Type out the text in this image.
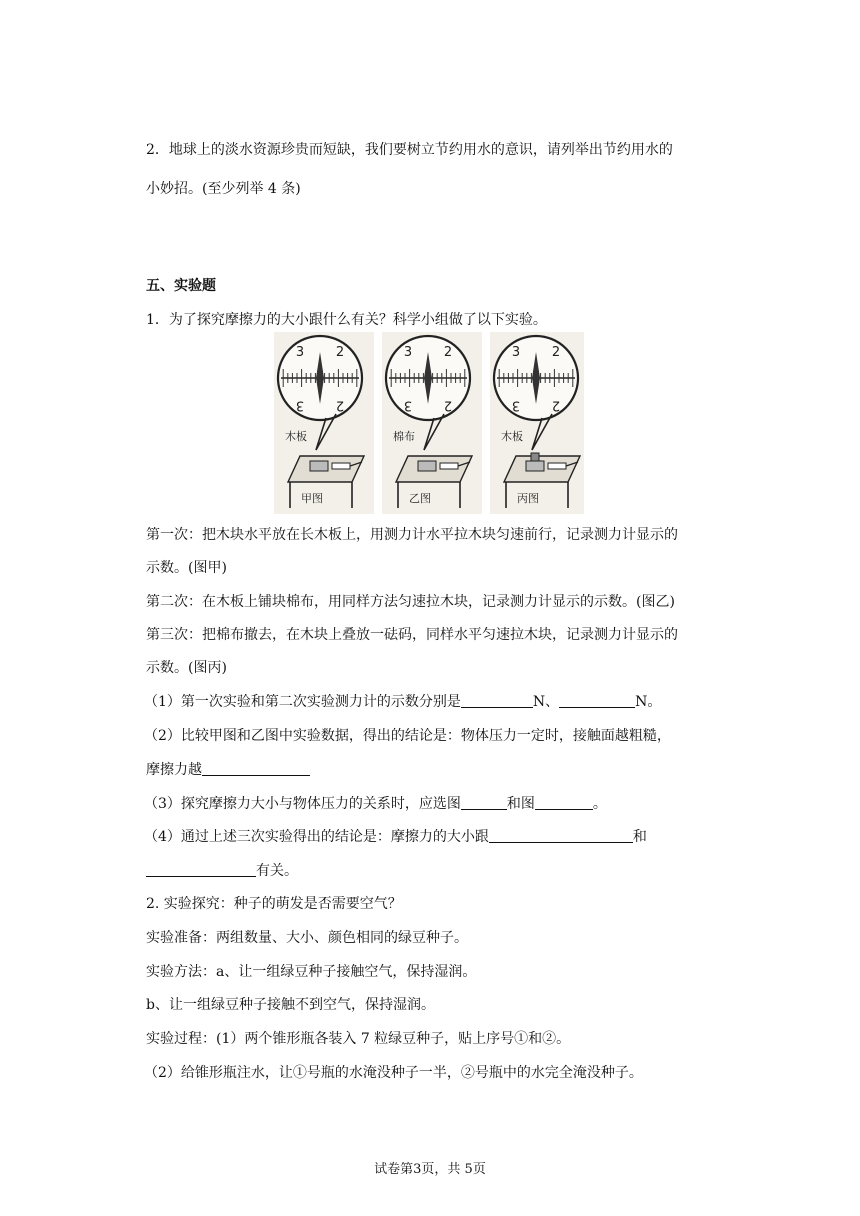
2．地球上的淡水资源珍贵而短缺，我们要树立节约用水的意识，请列举出节约用水的
小妙招。(至少列举 4 条)
五、实验题
1．为了探究摩擦力的大小跟什么有关？科学小组做了以下实验。
3 2
3 2
木板
甲图
3 2
3 2
棉布
乙图
3 2
3 2
木板
丙图
第一次：把木块水平放在长木板上，用测力计水平拉木块匀速前行，记录测力计显示的
示数。(图甲)
第二次：在木板上铺块棉布，用同样方法匀速拉木块，记录测力计显示的示数。(图乙)
第三次：把棉布撤去，在木块上叠放一砝码，同样水平匀速拉木块，记录测力计显示的
示数。(图丙)
（1）第一次实验和第二次实验测力计的示数分别是	N、	N。
（2）比较甲图和乙图中实验数据，得出的结论是：物体压力一定时，接触面越粗糙，
摩擦力越
（3）探究摩擦力大小与物体压力的关系时，应选图	和图	。
（4）通过上述三次实验得出的结论是：摩擦力的大小跟	和
有关。
2. 实验探究：种子的萌发是否需要空气？
实验准备：两组数量、大小、颜色相同的绿豆种子。
实验方法：a、让一组绿豆种子接触空气，保持湿润。
b、让一组绿豆种子接触不到空气，保持湿润。
实验过程：(1）两个锥形瓶各装入 7 粒绿豆种子，贴上序号①和②。
（2）给锥形瓶注水，让①号瓶的水淹没种子一半，②号瓶中的水完全淹没种子。
试卷第3页，共 5页
